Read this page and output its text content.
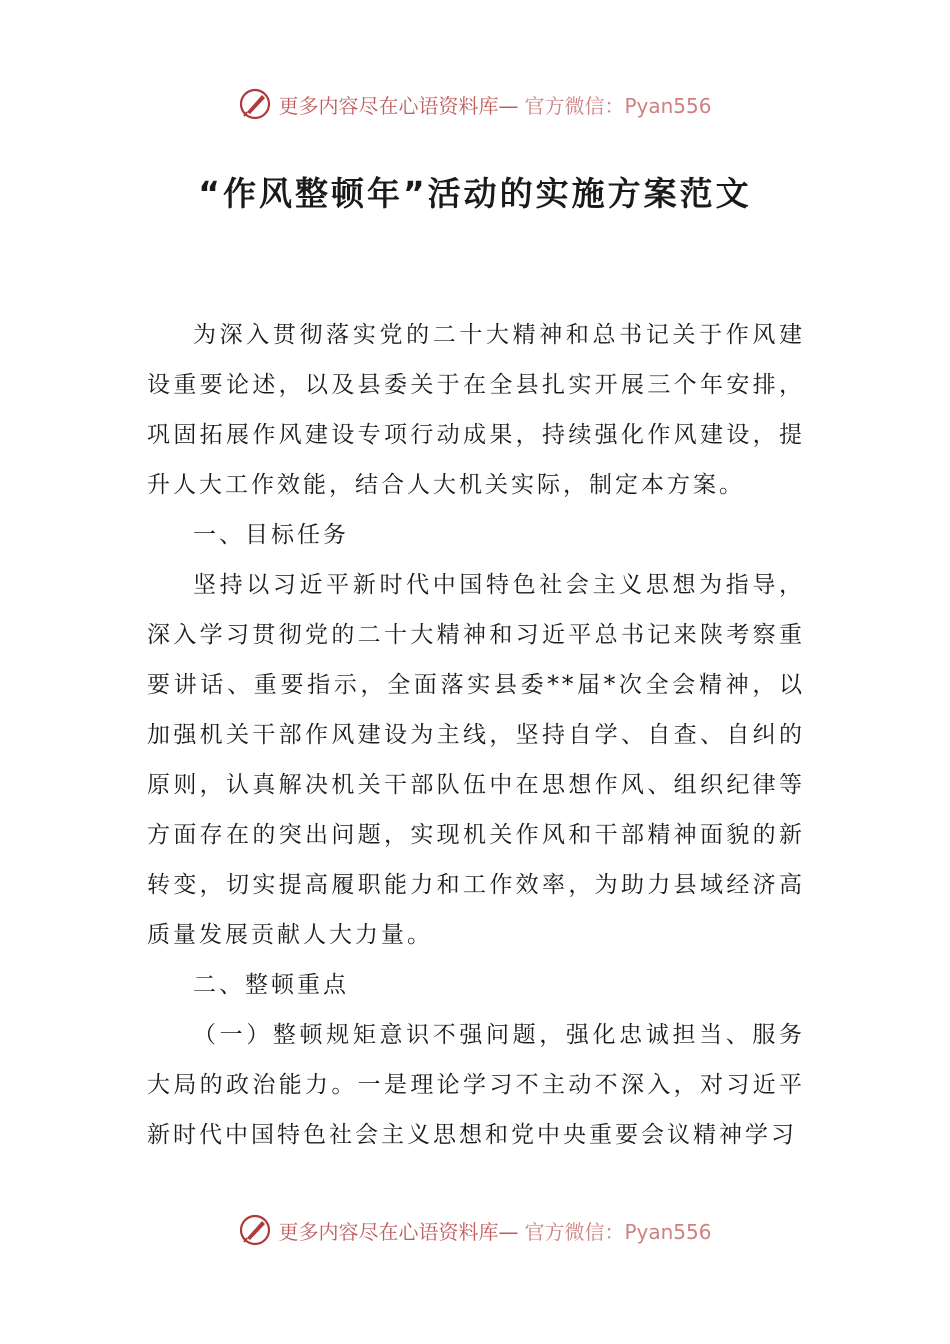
更多内容尽在心语资料库— 官方微信：Pyan556
“作风整顿年”活动的实施方案范文

为深入贯彻落实党的二十大精神和总书记关于作风建设重要论述，以及县委关于在全县扎实开展三个年安排，巩固拓展作风建设专项行动成果，持续强化作风建设，提升人大工作效能，结合人大机关实际，制定本方案。

一、目标任务

坚持以习近平新时代中国特色社会主义思想为指导，深入学习贯彻党的二十大精神和习近平总书记来陕考察重要讲话、重要指示，全面落实县委**届*次全会精神，以加强机关干部作风建设为主线，坚持自学、自查、自纠的原则，认真解决机关干部队伍中在思想作风、组织纪律等方面存在的突出问题，实现机关作风和干部精神面貌的新转变，切实提高履职能力和工作效率，为助力县域经济高质量发展贡献人大力量。

二、整顿重点

（一）整顿规矩意识不强问题，强化忠诚担当、服务大局的政治能力。一是理论学习不主动不深入，对习近平新时代中国特色社会主义思想和党中央重要会议精神学习

更多内容尽在心语资料库— 官方微信：Pyan556
